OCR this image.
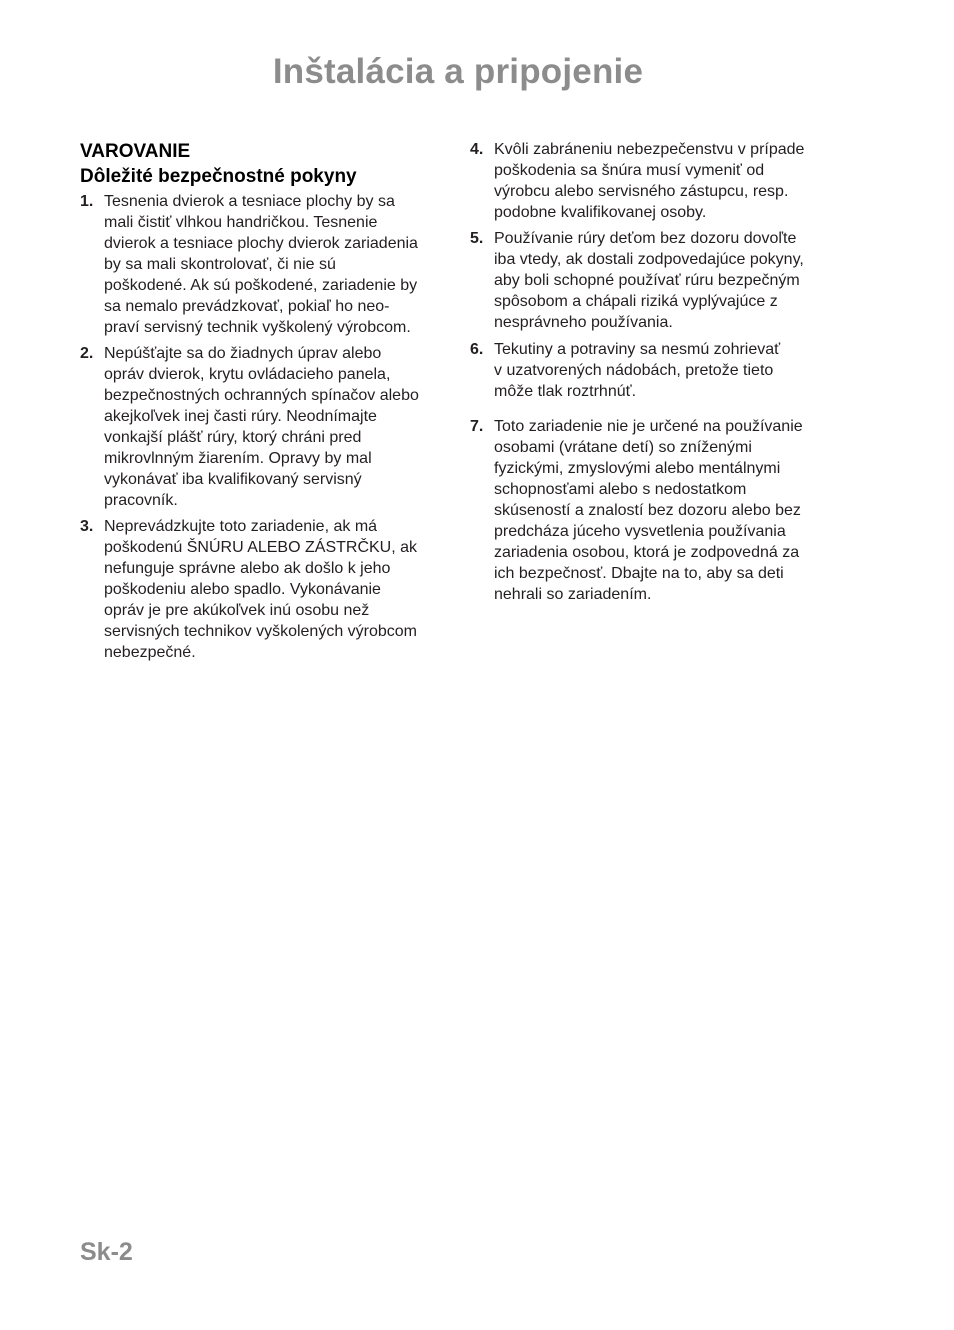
Inštalácia a pripojenie
VAROVANIE
Dôležité bezpečnostné pokyny
1. Tesnenia dvierok a tesniace plochy by sa
mali čistiť vlhkou handričkou. Tesnenie
dvierok a tesniace plochy dvierok zariadenia
by sa mali skontrolovať, či nie sú
poškodené. Ak sú poškodené, zariadenie by
sa nemalo prevádzkovať, pokiaľ ho neo-
praví servisný technik vyškolený výrobcom.
2. Nepúšťajte sa do žiadnych úprav alebo
opráv dvierok, krytu ovládacieho panela,
bezpečnostných ochranných spínačov alebo
akejkoľvek inej časti rúry. Neodnímajte
vonkajší plášť rúry, ktorý chráni pred
mikrovlnným žiarením. Opravy by mal
vykonávať iba kvalifikovaný servisný
pracovník.
3. Neprevádzkujte toto zariadenie, ak má
poškodenú ŠNÚRU ALEBO ZÁSTRČKU, ak
nefunguje správne alebo ak došlo k jeho
poškodeniu alebo spadlo. Vykonávanie
opráv je pre akúkoľvek inú osobu než
servisných technikov vyškolených výrobcom
nebezpečné.
4. Kvôli zabráneniu nebezpečenstvu v prípade
poškodenia sa šnúra musí vymeniť od
výrobcu alebo servisného zástupcu, resp.
podobne kvalifikovanej osoby.
5. Používanie rúry deťom bez dozoru dovoľte
iba vtedy, ak dostali zodpovedajúce pokyny,
aby boli schopné používať rúru bezpečným
spôsobom a chápali riziká vyplývajúce z
nesprávneho používania.
6. Tekutiny a potraviny sa nesmú zohrievať
v uzatvorených nádobách, pretože tieto
môže tlak roztrhnúť.
7. Toto zariadenie nie je určené na používanie
osobami (vrátane detí) so zníženými
fyzickými, zmyslovými alebo mentálnymi
schopnosťami alebo s nedostatkom
skúseností a znalostí bez dozoru alebo bez
predcháza júceho vysvetlenia používania
zariadenia osobou, ktorá je zodpovedná za
ich bezpečnosť. Dbajte na to, aby sa deti
nehrali so zariadením.
Sk-2
